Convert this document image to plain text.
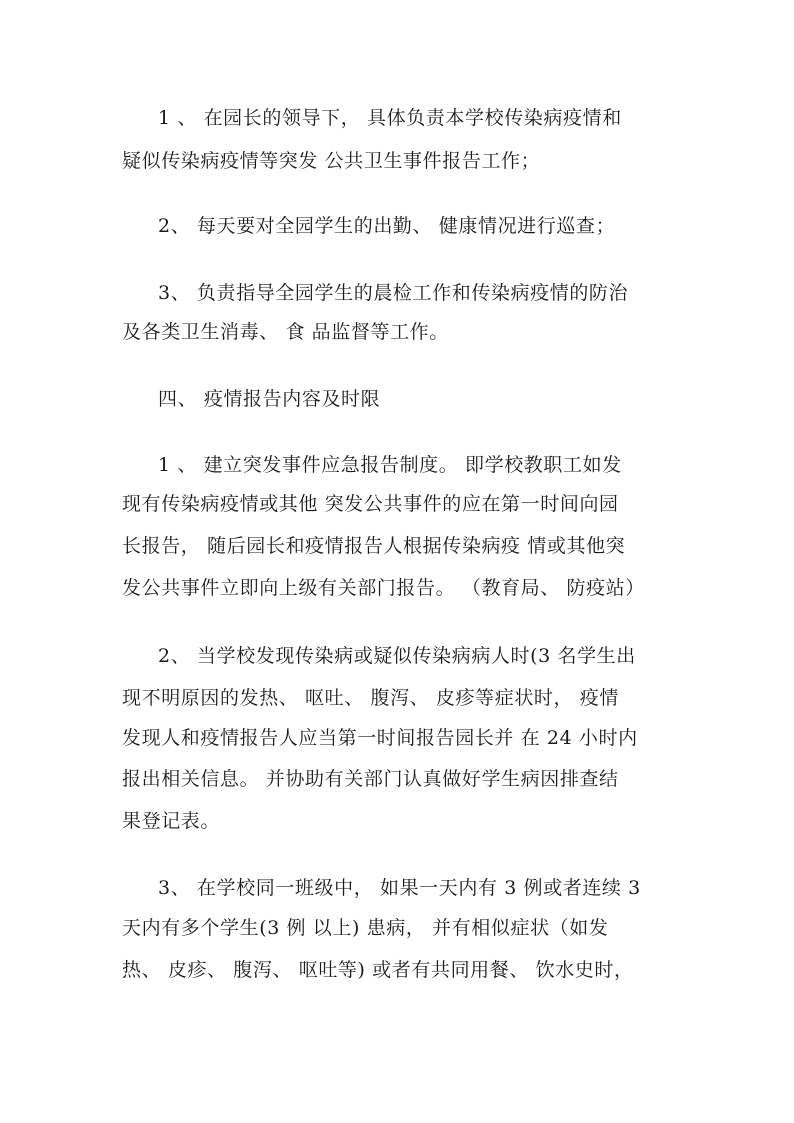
1 、 在园长的领导下， 具体负责本学校传染病疫情和
疑似传染病疫情等突发 公共卫生事件报告工作；
2、 每天要对全园学生的出勤、 健康情况进行巡查；
3、 负责指导全园学生的晨检工作和传染病疫情的防治
及各类卫生消毒、 食 品监督等工作。
四、 疫情报告内容及时限
1 、 建立突发事件应急报告制度。 即学校教职工如发
现有传染病疫情或其他 突发公共事件的应在第一时间向园
长报告， 随后园长和疫情报告人根据传染病疫 情或其他突
发公共事件立即向上级有关部门报告。 （教育局、 防疫站）
2、 当学校发现传染病或疑似传染病病人时(3 名学生出
现不明原因的发热、 呕吐、 腹泻、 皮疹等症状时， 疫情
发现人和疫情报告人应当第一时间报告园长并 在 24 小时内
报出相关信息。 并协助有关部门认真做好学生病因排查结
果登记表。
3、 在学校同一班级中， 如果一天内有 3 例或者连续 3
天内有多个学生(3 例 以上) 患病， 并有相似症状（如发
热、 皮疹、 腹泻、 呕吐等) 或者有共同用餐、 饮水史时，
